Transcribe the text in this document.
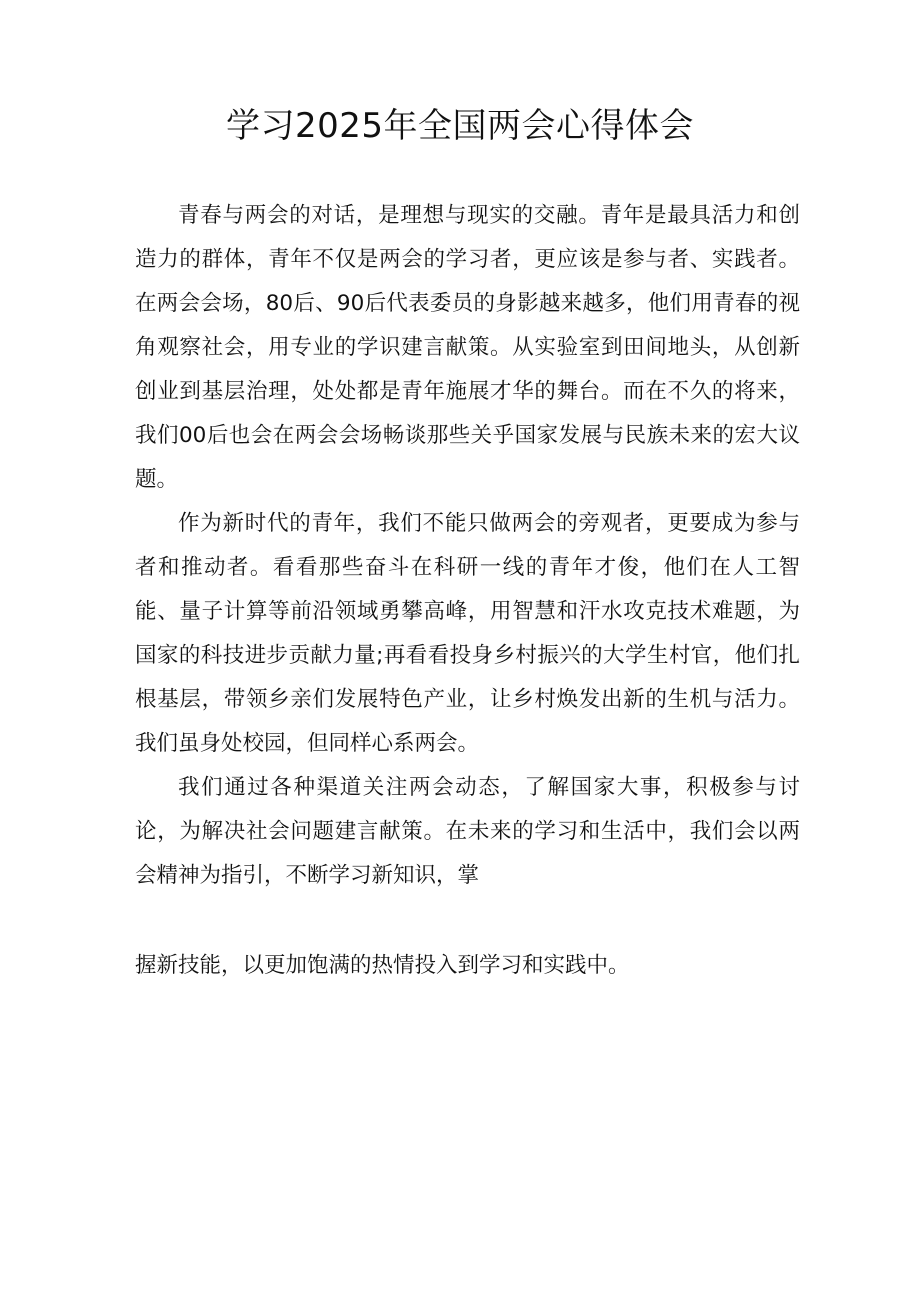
学习2025年全国两会心得体会

青春与两会的对话，是理想与现实的交融。青年是最具活力和创造力的群体，青年不仅是两会的学习者，更应该是参与者、实践者。在两会会场，80后、90后代表委员的身影越来越多，他们用青春的视角观察社会，用专业的学识建言献策。从实验室到田间地头，从创新创业到基层治理，处处都是青年施展才华的舞台。而在不久的将来，我们00后也会在两会会场畅谈那些关乎国家发展与民族未来的宏大议题。

作为新时代的青年，我们不能只做两会的旁观者，更要成为参与者和推动者。看看那些奋斗在科研一线的青年才俊，他们在人工智能、量子计算等前沿领域勇攀高峰，用智慧和汗水攻克技术难题，为国家的科技进步贡献力量;再看看投身乡村振兴的大学生村官，他们扎根基层，带领乡亲们发展特色产业，让乡村焕发出新的生机与活力。我们虽身处校园，但同样心系两会。

我们通过各种渠道关注两会动态，了解国家大事，积极参与讨论，为解决社会问题建言献策。在未来的学习和生活中，我们会以两会精神为指引，不断学习新知识，掌

握新技能，以更加饱满的热情投入到学习和实践中。
